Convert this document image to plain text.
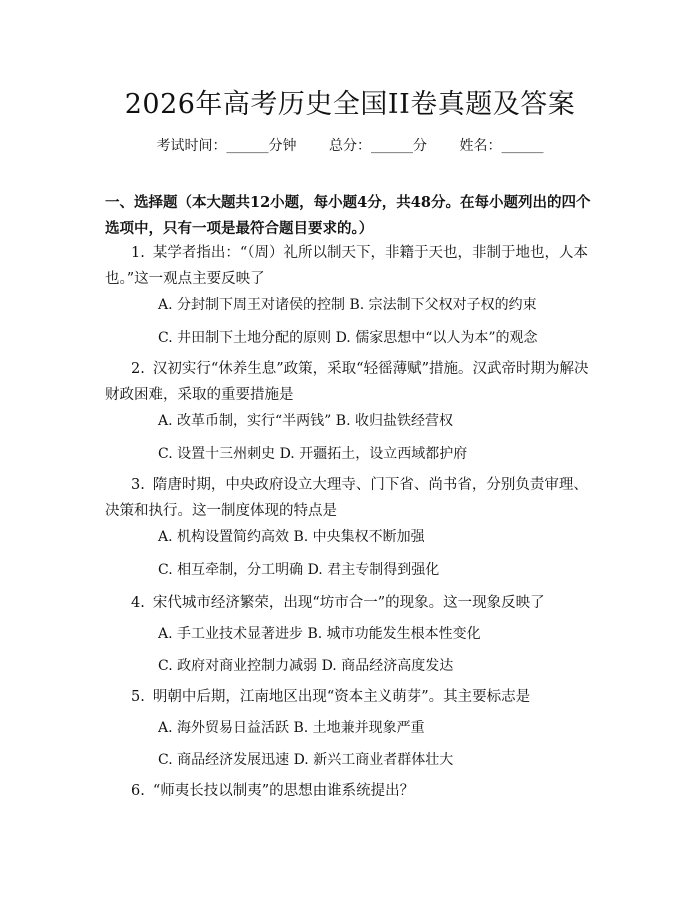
2026年高考历史全国II卷真题及答案
考试时间：______分钟 总分：______分 姓名：______
一、选择题（本大题共12小题，每小题4分，共48分。在每小题列出的四个选项中，只有一项是最符合题目要求的。）
1. 某学者指出：“（周）礼所以制天下，非籍于天也，非制于地也，人本也。”这一观点主要反映了
A. 分封制下周王对诸侯的控制 B. 宗法制下父权对子权的约束
C. 井田制下土地分配的原则 D. 儒家思想中“以人为本”的观念
2. 汉初实行“休养生息”政策，采取“轻徭薄赋”措施。汉武帝时期为解决财政困难，采取的重要措施是
A. 改革币制，实行“半两钱” B. 收归盐铁经营权
C. 设置十三州刺史 D. 开疆拓土，设立西域都护府
3. 隋唐时期，中央政府设立大理寺、门下省、尚书省，分别负责审理、决策和执行。这一制度体现的特点是
A. 机构设置简约高效 B. 中央集权不断加强
C. 相互牵制，分工明确 D. 君主专制得到强化
4. 宋代城市经济繁荣，出现“坊市合一”的现象。这一现象反映了
A. 手工业技术显著进步 B. 城市功能发生根本性变化
C. 政府对商业控制力减弱 D. 商品经济高度发达
5. 明朝中后期，江南地区出现“资本主义萌芽”。其主要标志是
A. 海外贸易日益活跃 B. 土地兼并现象严重
C. 商品经济发展迅速 D. 新兴工商业者群体壮大
6. “师夷长技以制夷”的思想由谁系统提出？
